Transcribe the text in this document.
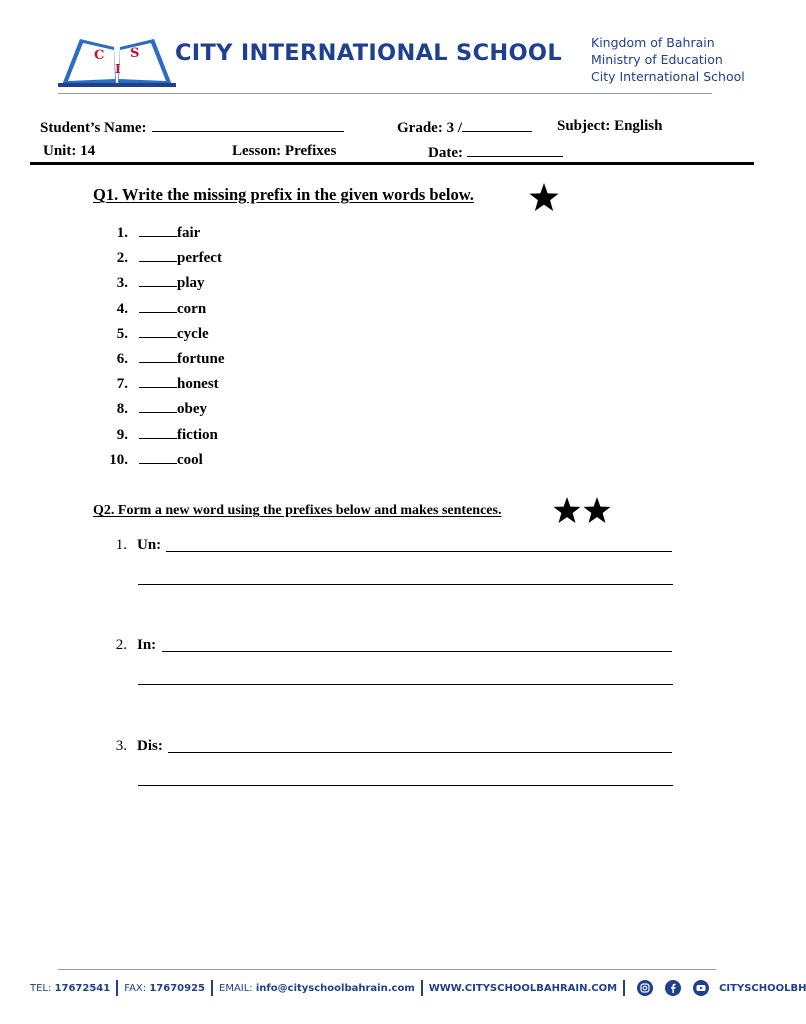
C
I
S CITY INTERNATIONAL SCHOOL Kingdom of Bahrain
Ministry of Education
City International School
Student’s Name:	Grade: 3 /	Subject: English
Unit: 14	Lesson: Prefixes	Date:
Q1. Write the missing prefix in the given words below.
1.	fair
2.	perfect
3.	play
4.	corn
5.	cycle
6.	fortune
7.	honest
8.	obey
9.	fiction
10.	cool
Q2. Form a new word using the prefixes below and makes sentences.
1. Un:
2. In:
3. Dis:
TEL:
17672541 FAX:
17670925 EMAIL:
info@cityschoolbahrain.com WWW.CITYSCHOOLBAHRAIN.COM	CITYSCHOOLBH
